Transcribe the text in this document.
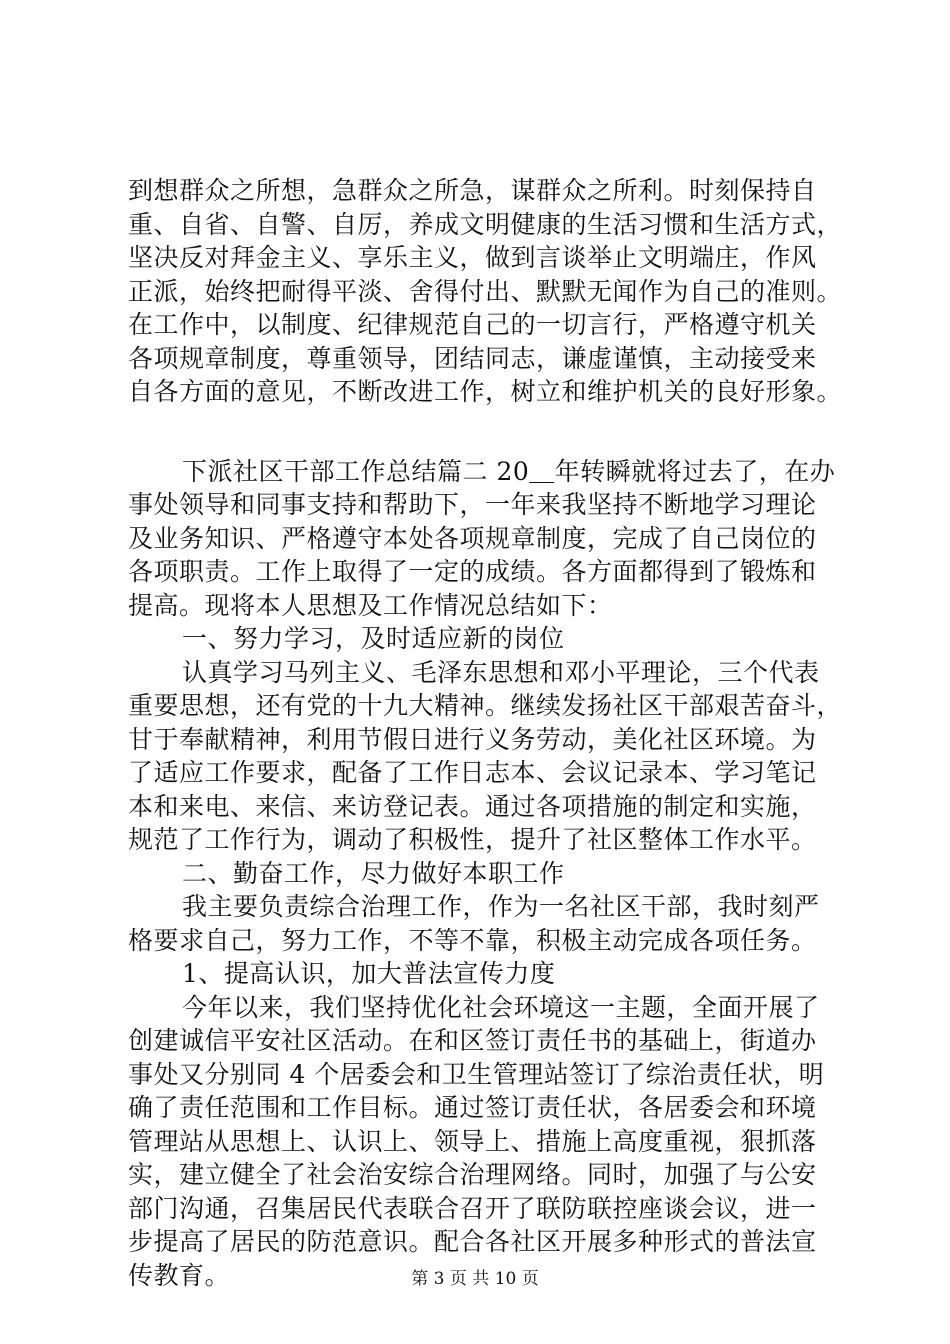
到想群众之所想，急群众之所急，谋群众之所利。时刻保持自
重、自省、自警、自厉，养成文明健康的生活习惯和生活方式，
坚决反对拜金主义、享乐主义，做到言谈举止文明端庄，作风
正派，始终把耐得平淡、舍得付出、默默无闻作为自己的准则。
在工作中，以制度、纪律规范自己的一切言行，严格遵守机关
各项规章制度，尊重领导，团结同志，谦虚谨慎，主动接受来
自各方面的意见，不断改进工作，树立和维护机关的良好形象。
下派社区干部工作总结篇二 20＿年转瞬就将过去了，在办
事处领导和同事支持和帮助下，一年来我坚持不断地学习理论
及业务知识、严格遵守本处各项规章制度，完成了自己岗位的
各项职责。工作上取得了一定的成绩。各方面都得到了锻炼和
提高。现将本人思想及工作情况总结如下：
一、努力学习，及时适应新的岗位
认真学习马列主义、毛泽东思想和邓小平理论，三个代表
重要思想，还有党的十九大精神。继续发扬社区干部艰苦奋斗，
甘于奉献精神，利用节假日进行义务劳动，美化社区环境。为
了适应工作要求，配备了工作日志本、会议记录本、学习笔记
本和来电、来信、来访登记表。通过各项措施的制定和实施，
规范了工作行为，调动了积极性，提升了社区整体工作水平。
二、勤奋工作，尽力做好本职工作
我主要负责综合治理工作，作为一名社区干部，我时刻严
格要求自己，努力工作，不等不靠，积极主动完成各项任务。
1、提高认识，加大普法宣传力度
今年以来，我们坚持优化社会环境这一主题，全面开展了
创建诚信平安社区活动。在和区签订责任书的基础上，街道办
事处又分别同 4 个居委会和卫生管理站签订了综治责任状，明
确了责任范围和工作目标。通过签订责任状，各居委会和环境
管理站从思想上、认识上、领导上、措施上高度重视，狠抓落
实，建立健全了社会治安综合治理网络。同时，加强了与公安
部门沟通，召集居民代表联合召开了联防联控座谈会议，进一
步提高了居民的防范意识。配合各社区开展多种形式的普法宣
传教育。	第 3 页 共 10 页
